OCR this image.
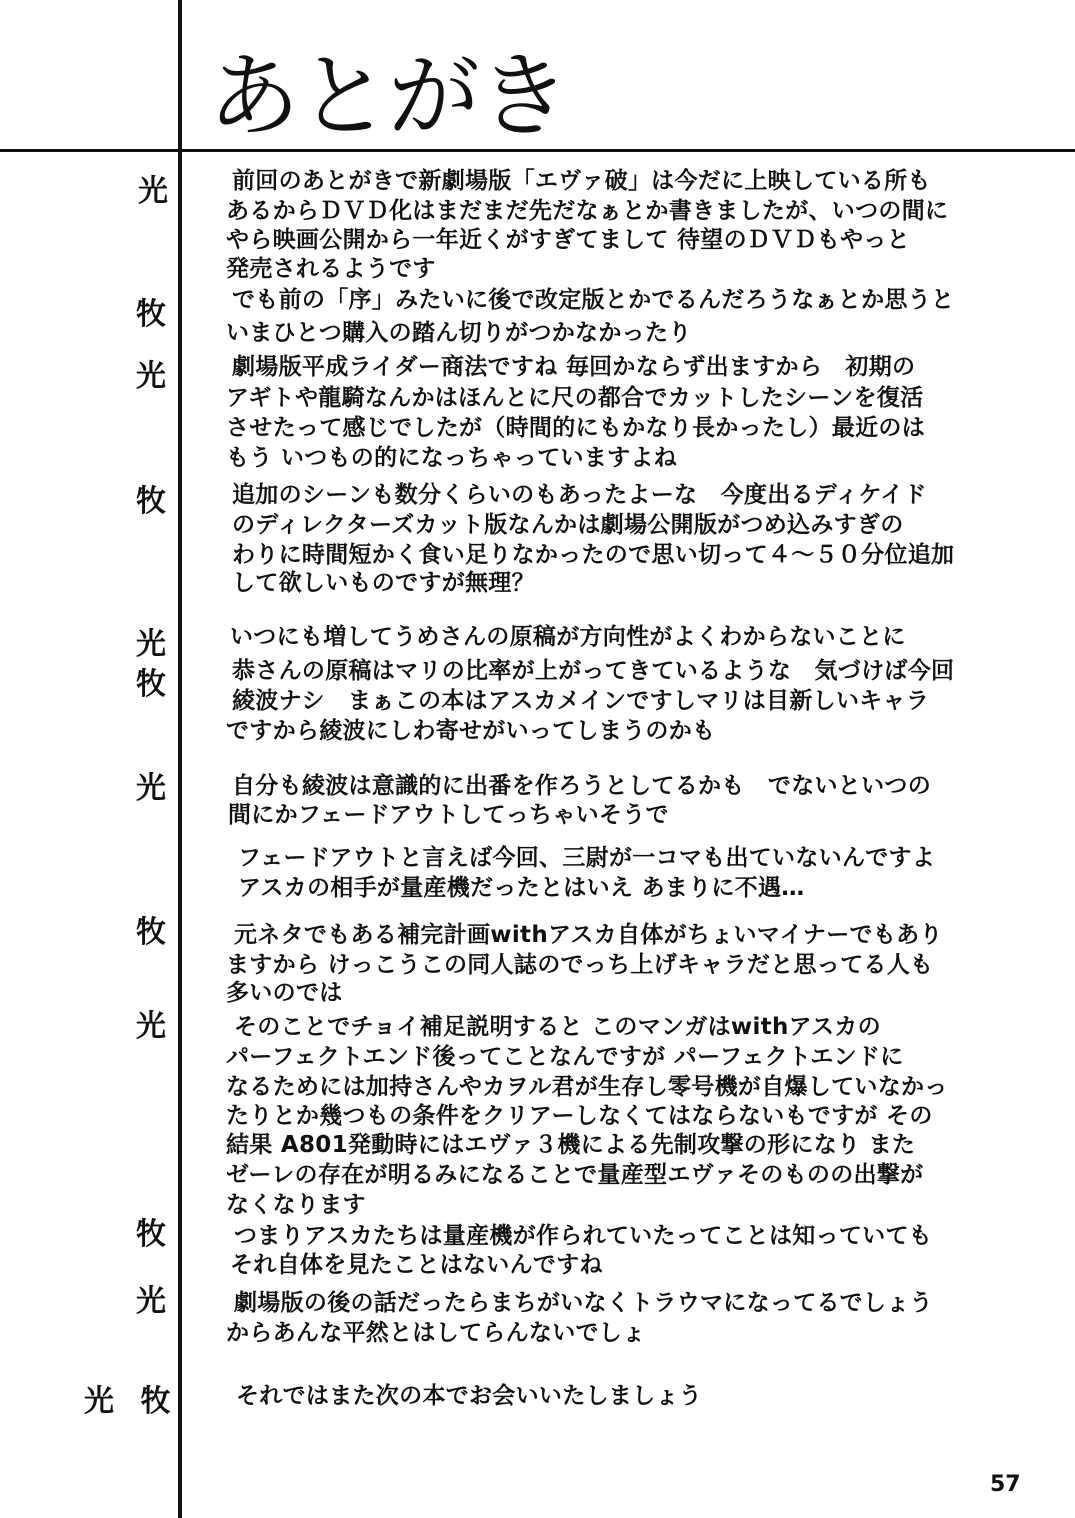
あとがき
光	前回のあとがきで新劇場版「エヴァ破」は今だに上映している所も
あるからＤＶＤ化はまだまだ先だなぁとか書きましたが、いつの間に
やら映画公開から一年近くがすぎてまして 待望のＤＶＤもやっと
発売されるようです
牧	でも前の「序」みたいに後で改定版とかでるんだろうなぁとか思うと
いまひとつ購入の踏ん切りがつかなかったり
光	劇場版平成ライダー商法ですね 毎回かならず出ますから　初期の
アギトや龍騎なんかはほんとに尺の都合でカットしたシーンを復活
させたって感じでしたが（時間的にもかなり長かったし）最近のは
もう いつもの的になっちゃっていますよね
牧	追加のシーンも数分くらいのもあったよーな　今度出るディケイド
のディレクターズカット版なんかは劇場公開版がつめ込みすぎの
わりに時間短かく食い足りなかったので思い切って４～５０分位追加
して欲しいものですが無理？
光	いつにも増してうめさんの原稿が方向性がよくわからないことに
牧	恭さんの原稿はマリの比率が上がってきているような　気づけば今回
綾波ナシ　まぁこの本はアスカメインですしマリは目新しいキャラ
ですから綾波にしわ寄せがいってしまうのかも
光	自分も綾波は意識的に出番を作ろうとしてるかも　でないといつの
間にかフェードアウトしてっちゃいそうで
フェードアウトと言えば今回、三尉が一コマも出ていないんですよ
アスカの相手が量産機だったとはいえ あまりに不遇…
牧	元ネタでもある補完計画withアスカ自体がちょいマイナーでもあり
ますから けっこうこの同人誌のでっち上げキャラだと思ってる人も
多いのでは
光	そのことでチョイ補足説明すると このマンガはwithアスカの
パーフェクトエンド後ってことなんですが パーフェクトエンドに
なるためには加持さんやカヲル君が生存し零号機が自爆していなかっ
たりとか幾つもの条件をクリアーしなくてはならないもですが その
結果 A801発動時にはエヴァ３機による先制攻撃の形になり また
ゼーレの存在が明るみになることで量産型エヴァそのものの出撃が
なくなります
牧	つまりアスカたちは量産機が作られていたってことは知っていても
それ自体を見たことはないんですね
光	劇場版の後の話だったらまちがいなくトラウマになってるでしょう
からあんな平然とはしてらんないでしょ
光 牧	それではまた次の本でお会いいたしましょう
57
